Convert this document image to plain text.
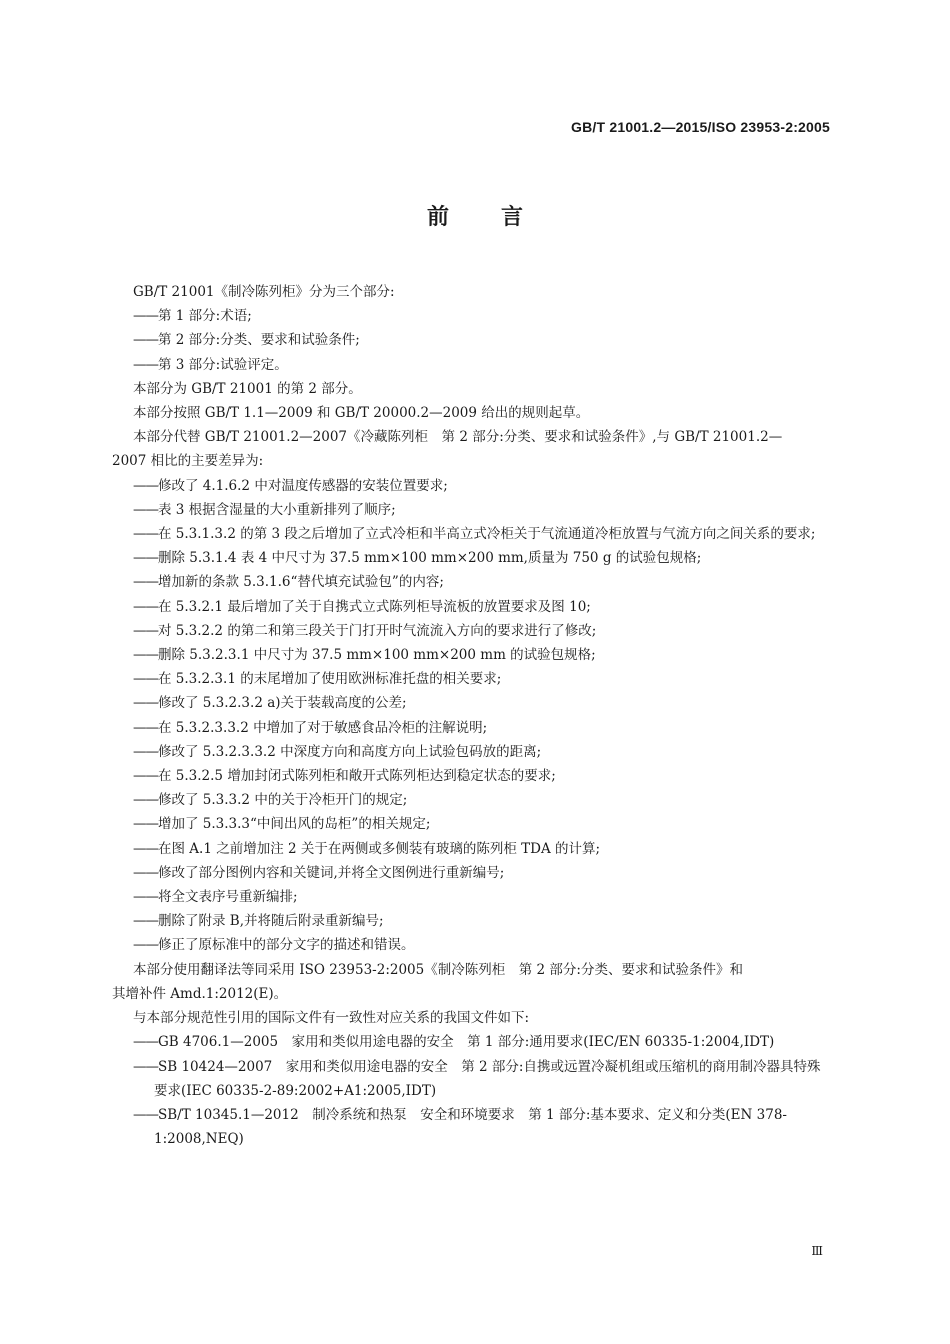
GB/T 21001.2—2015/ISO 23953-2:2005
前言

GB/T 21001《制冷陈列柜》分为三个部分:

—— 第 1 部分:术语;

—— 第 2 部分:分类、要求和试验条件;

—— 第 3 部分:试验评定。

本部分为 GB/T 21001 的第 2 部分。

本部分按照 GB/T 1.1—2009 和 GB/T 20000.2—2009 给出的规则起草。

本部分代替 GB/T 21001.2—2007《冷藏陈列柜　第 2 部分:分类、要求和试验条件》,与 GB/T 21001.2—

2007 相比的主要差异为:

—— 修改了 4.1.6.2 中对温度传感器的安装位置要求;

—— 表 3 根据含湿量的大小重新排列了顺序;

—— 在 5.3.1.3.2 的第 3 段之后增加了立式冷柜和半高立式冷柜关于气流通道冷柜放置与气流方向之间关系的要求;

—— 删除 5.3.1.4 表 4 中尺寸为 37.5 mm×100 mm×200 mm,质量为 750 g 的试验包规格;

—— 增加新的条款 5.3.1.6“替代填充试验包”的内容;

—— 在 5.3.2.1 最后增加了关于自携式立式陈列柜导流板的放置要求及图 10;

—— 对 5.3.2.2 的第二和第三段关于门打开时气流流入方向的要求进行了修改;

—— 删除 5.3.2.3.1 中尺寸为 37.5 mm×100 mm×200 mm 的试验包规格;

—— 在 5.3.2.3.1 的末尾增加了使用欧洲标准托盘的相关要求;

—— 修改了 5.3.2.3.2 a)关于装载高度的公差;

—— 在 5.3.2.3.3.2 中增加了对于敏感食品冷柜的注解说明;

—— 修改了 5.3.2.3.3.2 中深度方向和高度方向上试验包码放的距离;

—— 在 5.3.2.5 增加封闭式陈列柜和敞开式陈列柜达到稳定状态的要求;

—— 修改了 5.3.3.2 中的关于冷柜开门的规定;

—— 增加了 5.3.3.3“中间出风的岛柜”的相关规定;

—— 在图 A.1 之前增加注 2 关于在两侧或多侧装有玻璃的陈列柜 TDA 的计算;

—— 修改了部分图例内容和关键词,并将全文图例进行重新编号;

—— 将全文表序号重新编排;

—— 删除了附录 B,并将随后附录重新编号;

—— 修正了原标准中的部分文字的描述和错误。

本部分使用翻译法等同采用 ISO 23953-2:2005《制冷陈列柜　第 2 部分:分类、要求和试验条件》和

其增补件 Amd.1:2012(E)。

与本部分规范性引用的国际文件有一致性对应关系的我国文件如下:

—— GB 4706.1—2005　家用和类似用途电器的安全　第 1 部分:通用要求(IEC/EN 60335-1:2004,IDT)

—— SB 10424—2007　家用和类似用途电器的安全　第 2 部分:自携或远置冷凝机组或压缩机的商用制冷器具特殊要求(IEC 60335-2-89:2002+A1:2005,IDT)

—— SB/T 10345.1—2012　制冷系统和热泵　安全和环境要求　第 1 部分:基本要求、定义和分类(EN 378-1:2008,NEQ)

Ⅲ
